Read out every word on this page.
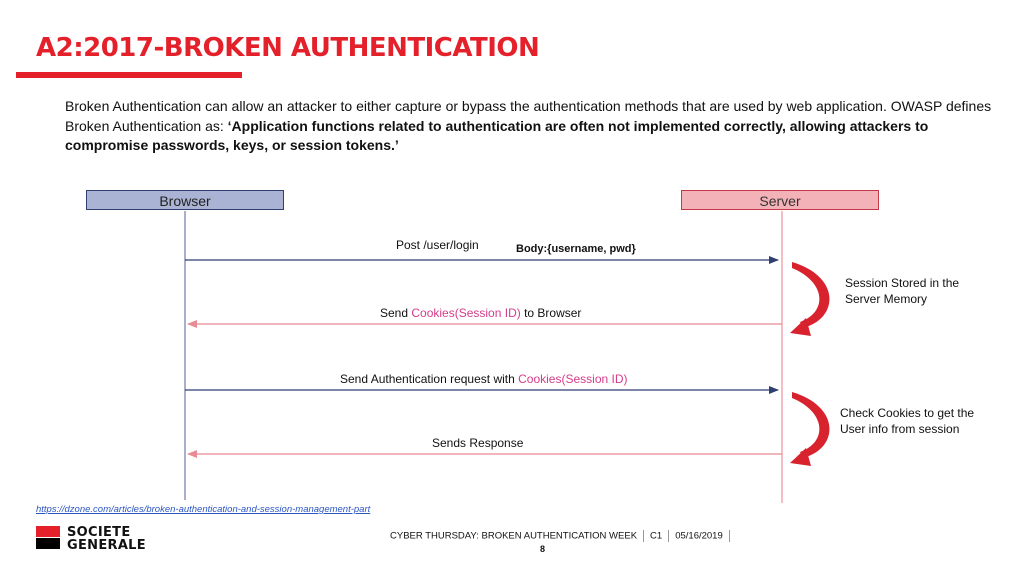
A2:2017-BROKEN AUTHENTICATION

Broken Authentication can allow an attacker to either capture or bypass the authentication methods that are used by web application. OWASP defines Broken Authentication as: ‘Application functions related to authentication are often not implemented correctly, allowing attackers to compromise passwords, keys, or session tokens.’

Browser	Server
Post /user/login	Body:{username, pwd}
Send Cookies(Session ID) to Browser
Send Authentication request with Cookies(Session ID)
Sends Response
Session Stored in the
Server Memory
Check Cookies to get the
User info from session
https://dzone.com/articles/broken-authentication-and-session-management-part
SOCIETE
GENERALE
CYBER THURSDAY: BROKEN AUTHENTICATION WEEK C1 05/16/2019
8
